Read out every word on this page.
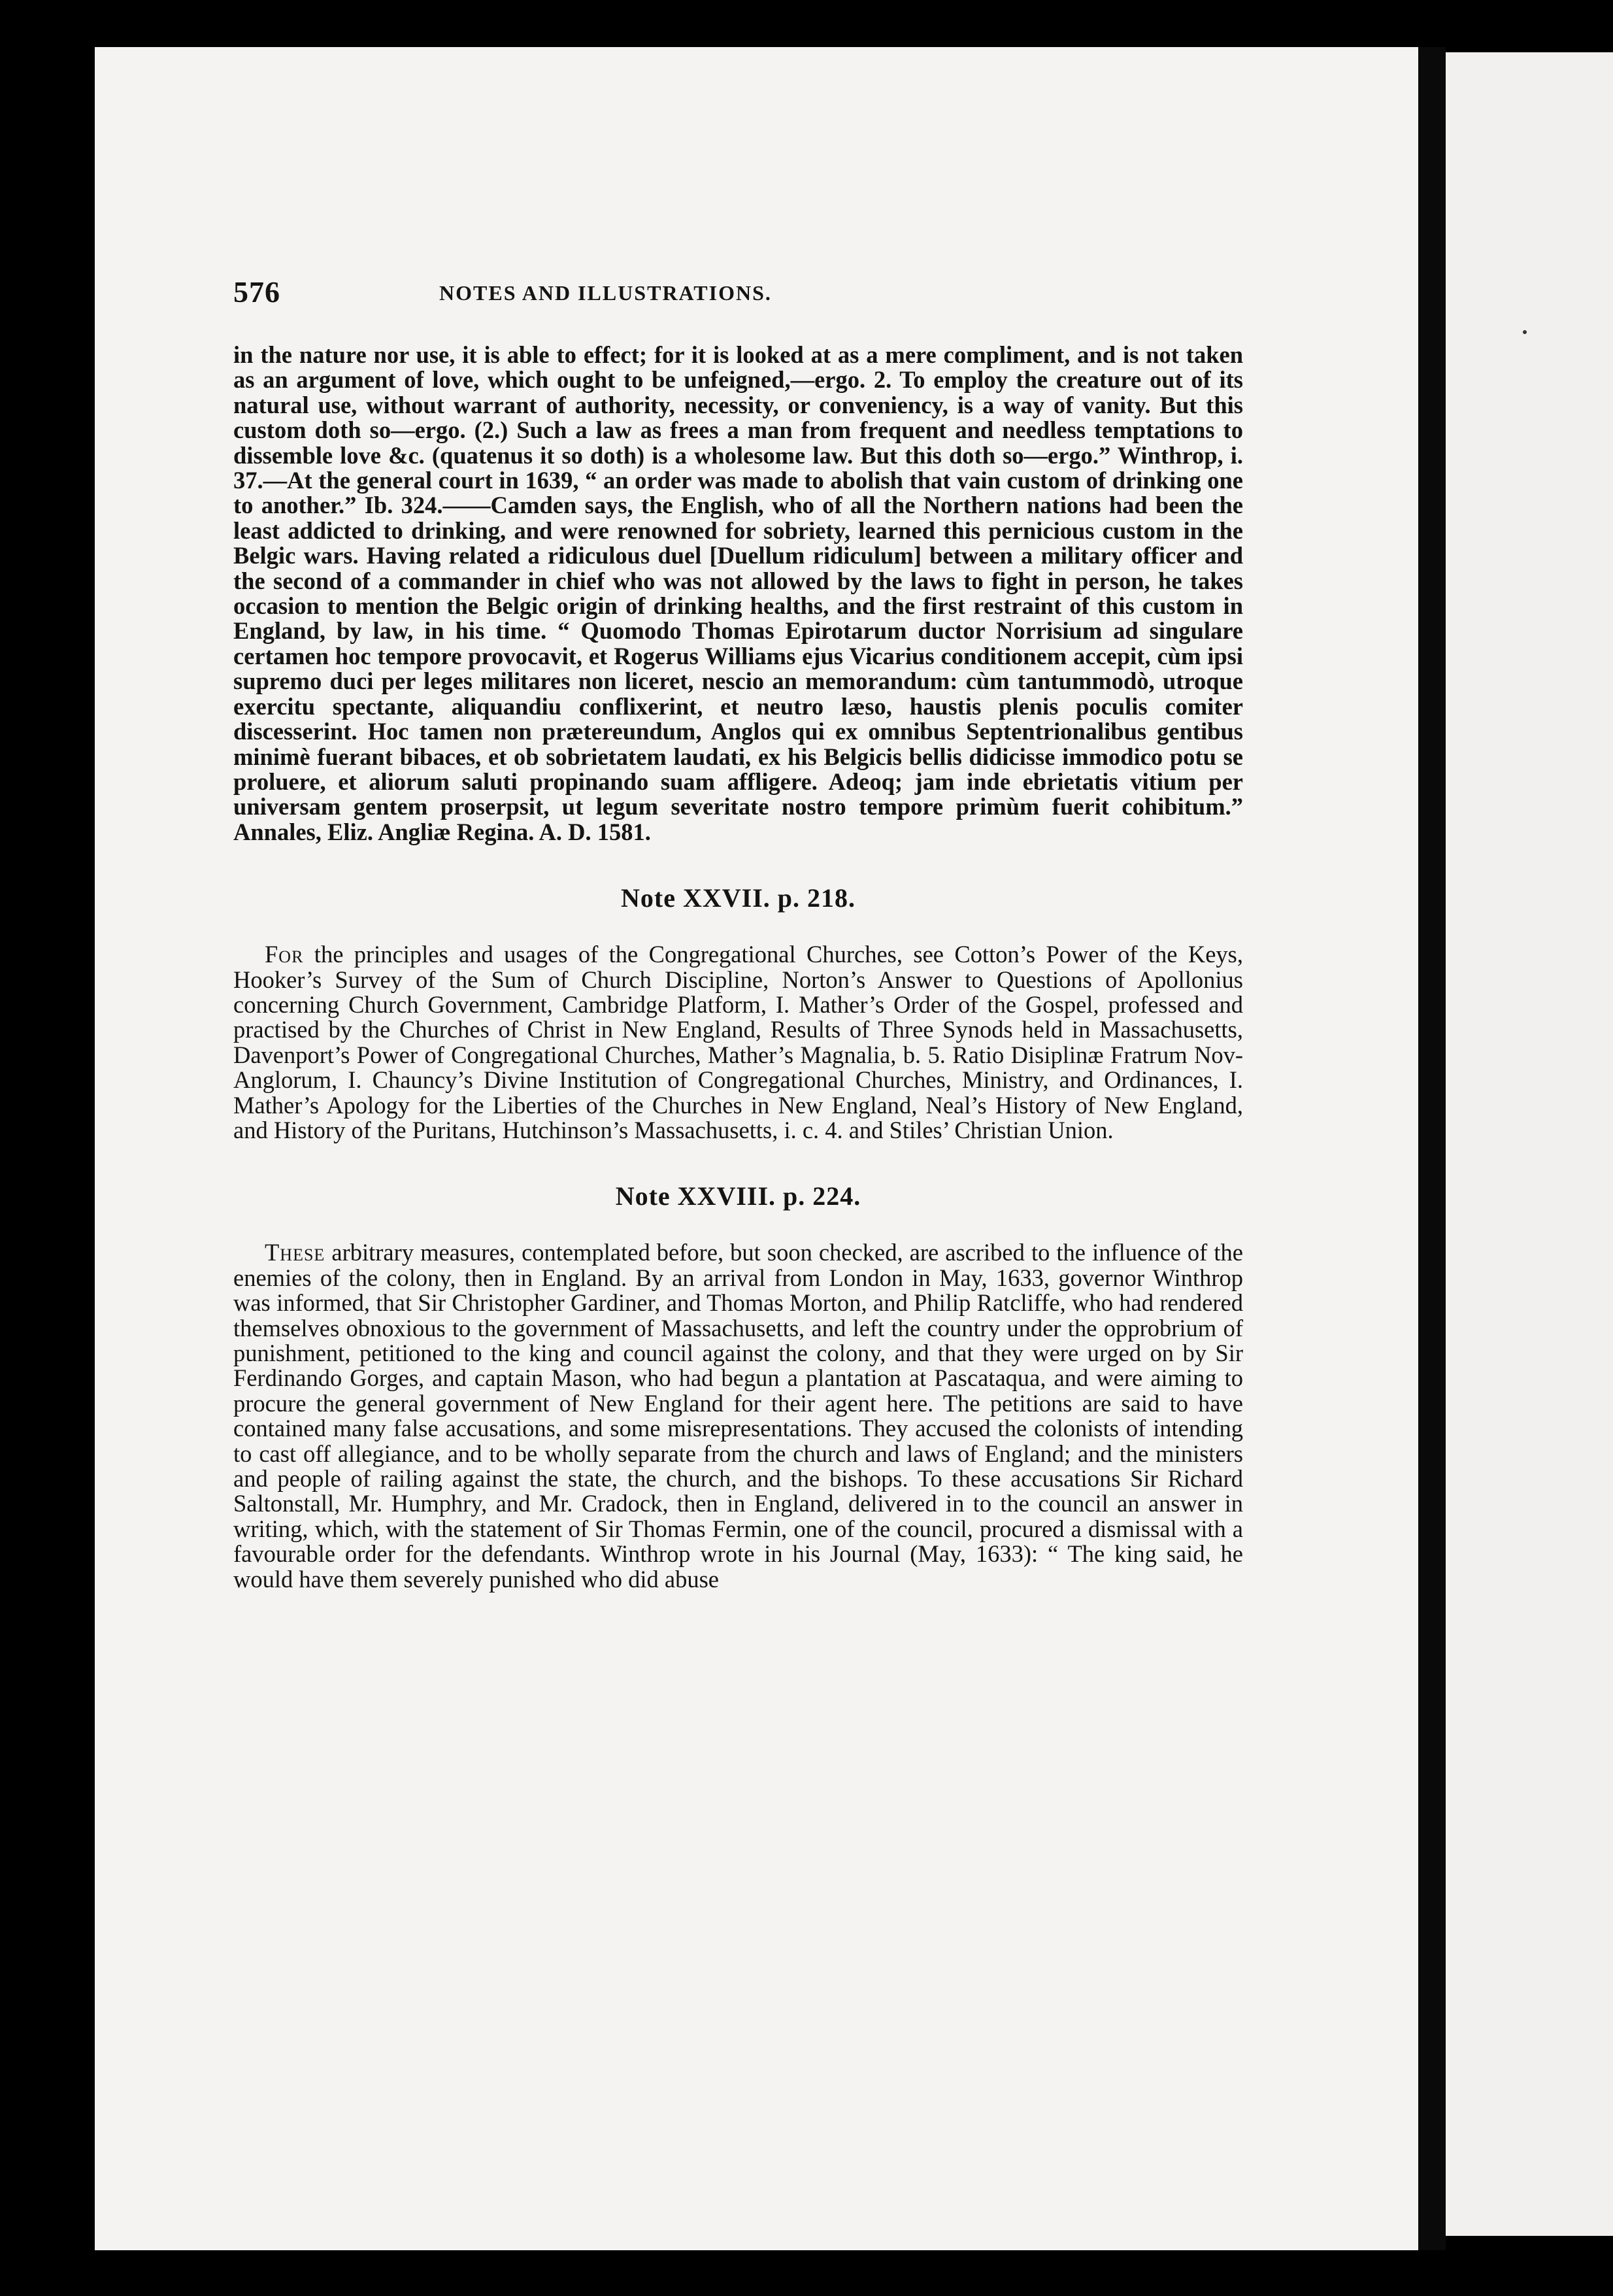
576	NOTES AND ILLUSTRATIONS.

in the nature nor use, it is able to effect; for it is looked at as a mere compliment, and is not taken as an argument of love, which ought to be unfeigned,—ergo. 2. To employ the creature out of its natural use, without warrant of authority, necessity, or conveniency, is a way of vanity. But this custom doth so—ergo. (2.) Such a law as frees a man from frequent and needless temptations to dissemble love &c. (quatenus it so doth) is a wholesome law. But this doth so—ergo.” Winthrop, i. 37.—At the general court in 1639, “ an order was made to abolish that vain custom of drinking one to another.” Ib. 324.——Camden says, the English, who of all the Northern nations had been the least addicted to drinking, and were renowned for sobriety, learned this pernicious custom in the Belgic wars. Having related a ridiculous duel [Duellum ridiculum] between a military officer and the second of a commander in chief who was not allowed by the laws to fight in person, he takes occasion to mention the Belgic origin of drinking healths, and the first restraint of this custom in England, by law, in his time. “ Quomodo Thomas Epirotarum ductor Norrisium ad singulare certamen hoc tempore provocavit, et Rogerus Williams ejus Vicarius conditionem accepit, cùm ipsi supremo duci per leges militares non liceret, nescio an memorandum: cùm tantummodò, utroque exercitu spectante, aliquandiu conflixerint, et neutro læso, haustis plenis poculis comiter discesserint. Hoc tamen non prætereundum, Anglos qui ex omnibus Septentrionalibus gentibus minimè fuerant bibaces, et ob sobrietatem laudati, ex his Belgicis bellis didicisse immodico potu se proluere, et aliorum saluti propinando suam affligere. Adeoq; jam inde ebrietatis vitium per universam gentem proserpsit, ut legum severitate nostro tempore primùm fuerit cohibitum.” Annales, Eliz. Angliæ Regina. A. D. 1581.

Note XXVII. p. 218.

For the principles and usages of the Congregational Churches, see Cotton’s Power of the Keys, Hooker’s Survey of the Sum of Church Discipline, Norton’s Answer to Questions of Apollonius concerning Church Government, Cambridge Platform, I. Mather’s Order of the Gospel, professed and practised by the Churches of Christ in New England, Results of Three Synods held in Massachusetts, Davenport’s Power of Congregational Churches, Mather’s Magnalia, b. 5. Ratio Disiplinæ Fratrum Nov-Anglorum, I. Chauncy’s Divine Institution of Congregational Churches, Ministry, and Ordinances, I. Mather’s Apology for the Liberties of the Churches in New England, Neal’s History of New England, and History of the Puritans, Hutchinson’s Massachusetts, i. c. 4. and Stiles’ Christian Union.

Note XXVIII. p. 224.

These arbitrary measures, contemplated before, but soon checked, are ascribed to the influence of the enemies of the colony, then in England. By an arrival from London in May, 1633, governor Winthrop was informed, that Sir Christopher Gardiner, and Thomas Morton, and Philip Ratcliffe, who had rendered themselves obnoxious to the government of Massachusetts, and left the country under the opprobrium of punishment, petitioned to the king and council against the colony, and that they were urged on by Sir Ferdinando Gorges, and captain Mason, who had begun a plantation at Pascataqua, and were aiming to procure the general government of New England for their agent here. The petitions are said to have contained many false accusations, and some misrepresentations. They accused the colonists of intending to cast off allegiance, and to be wholly separate from the church and laws of England; and the ministers and people of railing against the state, the church, and the bishops. To these accusations Sir Richard Saltonstall, Mr. Humphry, and Mr. Cradock, then in England, delivered in to the council an answer in writing, which, with the statement of Sir Thomas Fermin, one of the council, procured a dismissal with a favourable order for the defendants. Winthrop wrote in his Journal (May, 1633): “ The king said, he would have them severely punished who did abuse
